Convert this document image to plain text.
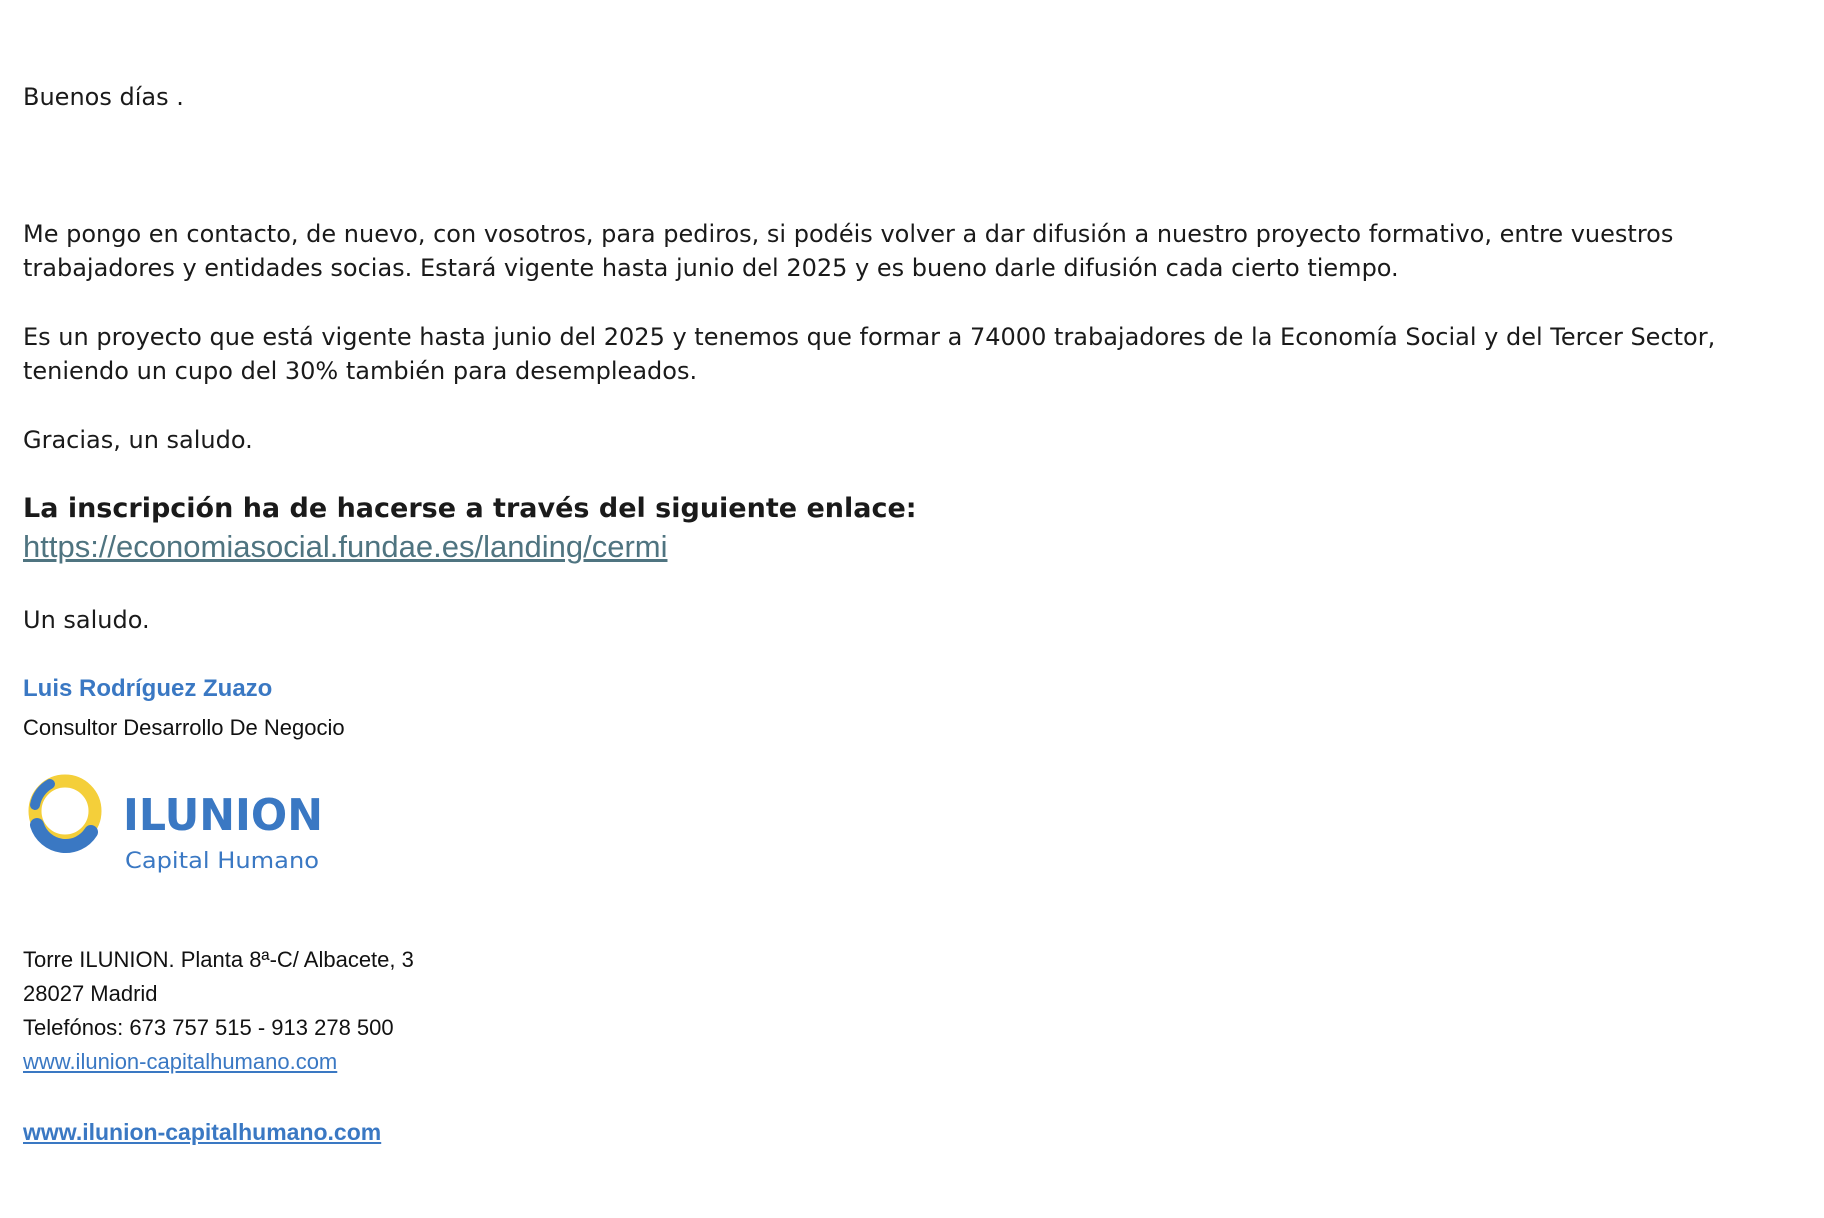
Buenos días .
Me pongo en contacto, de nuevo, con vosotros, para pediros, si podéis volver a dar difusión a nuestro proyecto formativo, entre vuestros
trabajadores y entidades socias. Estará vigente hasta junio del 2025 y es bueno darle difusión cada cierto tiempo.
Es un proyecto que está vigente hasta junio del 2025 y tenemos que formar a 74000 trabajadores de la Economía Social y del Tercer Sector,
teniendo un cupo del 30% también para desempleados.
Gracias, un saludo.
La inscripción ha de hacerse a través del siguiente enlace:
https://economiasocial.fundae.es/landing/cermi
Un saludo.
Luis Rodríguez Zuazo
Consultor Desarrollo De Negocio
ILUNION
Capital Humano
Torre ILUNION. Planta 8ª-C/ Albacete, 3
28027 Madrid
Telefónos: 673 757 515 - 913 278 500
www.ilunion-capitalhumano.com
www.ilunion-capitalhumano.com
